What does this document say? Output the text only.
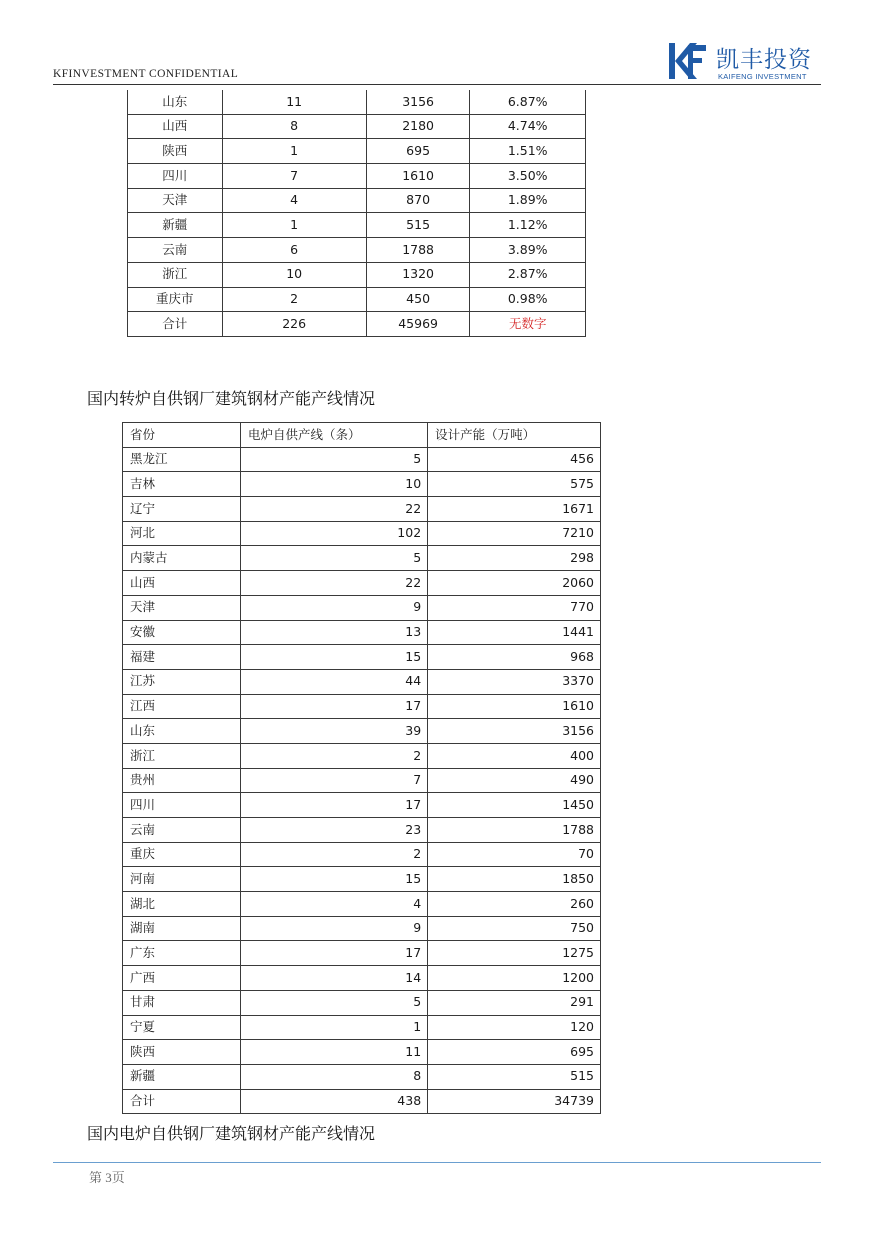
KFINVESTMENT CONFIDENTIAL
凯丰投资
KAIFENG INVESTMENT
山东	11	3156	6.87%
山西	8	2180	4.74%
陕西	1	695	1.51%
四川	7	1610	3.50%
天津	4	870	1.89%
新疆	1	515	1.12%
云南	6	1788	3.89%
浙江	10	1320	2.87%
重庆市	2	450	0.98%
合计	226	45969	无数字
国内转炉自供钢厂建筑钢材产能产线情况
省份	电炉自供产线（条）	设计产能（万吨）
黑龙江	5	456
吉林	10	575
辽宁	22	1671
河北	102	7210
内蒙古	5	298
山西	22	2060
天津	9	770
安徽	13	1441
福建	15	968
江苏	44	3370
江西	17	1610
山东	39	3156
浙江	2	400
贵州	7	490
四川	17	1450
云南	23	1788
重庆	2	70
河南	15	1850
湖北	4	260
湖南	9	750
广东	17	1275
广西	14	1200
甘肃	5	291
宁夏	1	120
陕西	11	695
新疆	8	515
合计	438	34739
国内电炉自供钢厂建筑钢材产能产线情况
第 3页
